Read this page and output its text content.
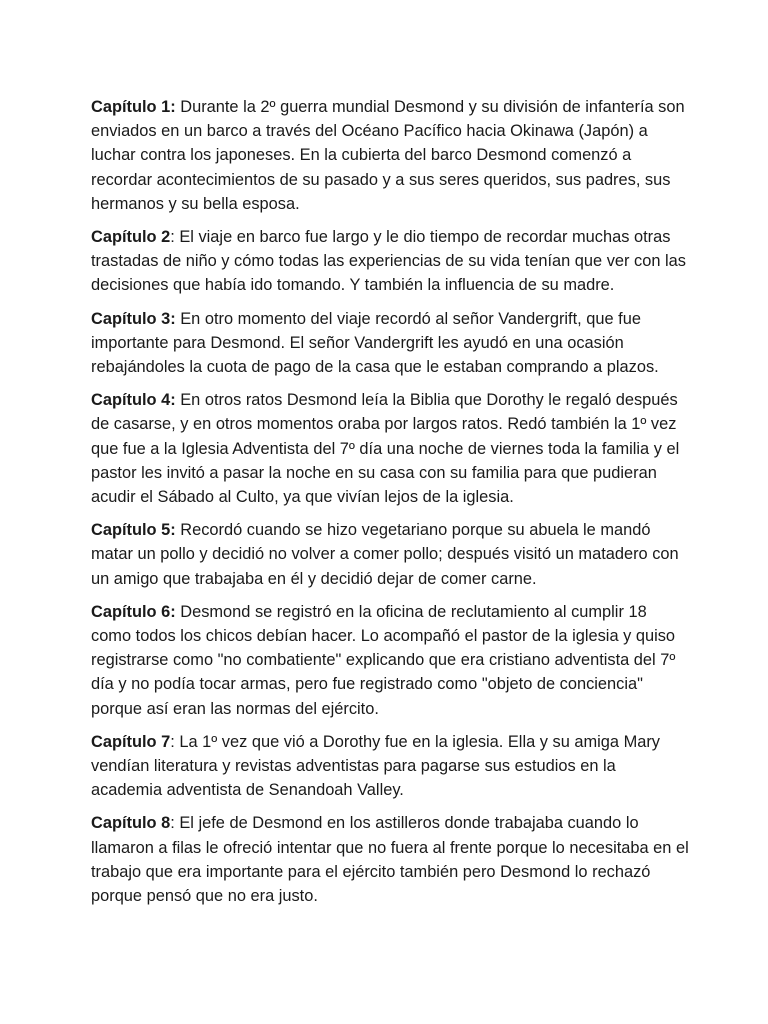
Capítulo 1: Durante la 2º guerra mundial Desmond y su división de infantería son enviados en un barco a través del Océano Pacífico hacia Okinawa (Japón) a luchar contra los japoneses. En la cubierta del barco Desmond comenzó a recordar acontecimientos de su pasado y a sus seres queridos, sus padres, sus hermanos y su bella esposa.

Capítulo 2: El viaje en barco fue largo y le dio tiempo de recordar muchas otras trastadas de niño y cómo todas las experiencias de su vida tenían que ver con las decisiones que había ido tomando. Y también la influencia de su madre.

Capítulo 3: En otro momento del viaje recordó al señor Vandergrift, que fue importante para Desmond. El señor Vandergrift les ayudó en una ocasión rebajándoles la cuota de pago de la casa que le estaban comprando a plazos.

Capítulo 4: En otros ratos Desmond leía la Biblia que Dorothy le regaló después de casarse, y en otros momentos oraba por largos ratos. Redó también la 1º vez que fue a la Iglesia Adventista del 7º día una noche de viernes toda la familia y el pastor les invitó a pasar la noche en su casa con su familia para que pudieran acudir el Sábado al Culto, ya que vivían lejos de la iglesia.

Capítulo 5: Recordó cuando se hizo vegetariano porque su abuela le mandó matar un pollo y decidió no volver a comer pollo; después visitó un matadero con un amigo que trabajaba en él y decidió dejar de comer carne.

Capítulo 6: Desmond se registró en la oficina de reclutamiento al cumplir 18 como todos los chicos debían hacer. Lo acompañó el pastor de la iglesia y quiso registrarse como "no combatiente" explicando que era cristiano adventista del 7º día y no podía tocar armas, pero fue registrado como "objeto de conciencia" porque así eran las normas del ejército.

Capítulo 7: La 1º vez que vió a Dorothy fue en la iglesia. Ella y su amiga Mary vendían literatura y revistas adventistas para pagarse sus estudios en la academia adventista de Senandoah Valley.

Capítulo 8: El jefe de Desmond en los astilleros donde trabajaba cuando lo llamaron a filas le ofreció intentar que no fuera al frente porque lo necesitaba en el trabajo que era importante para el ejército también pero Desmond lo rechazó porque pensó que no era justo.
